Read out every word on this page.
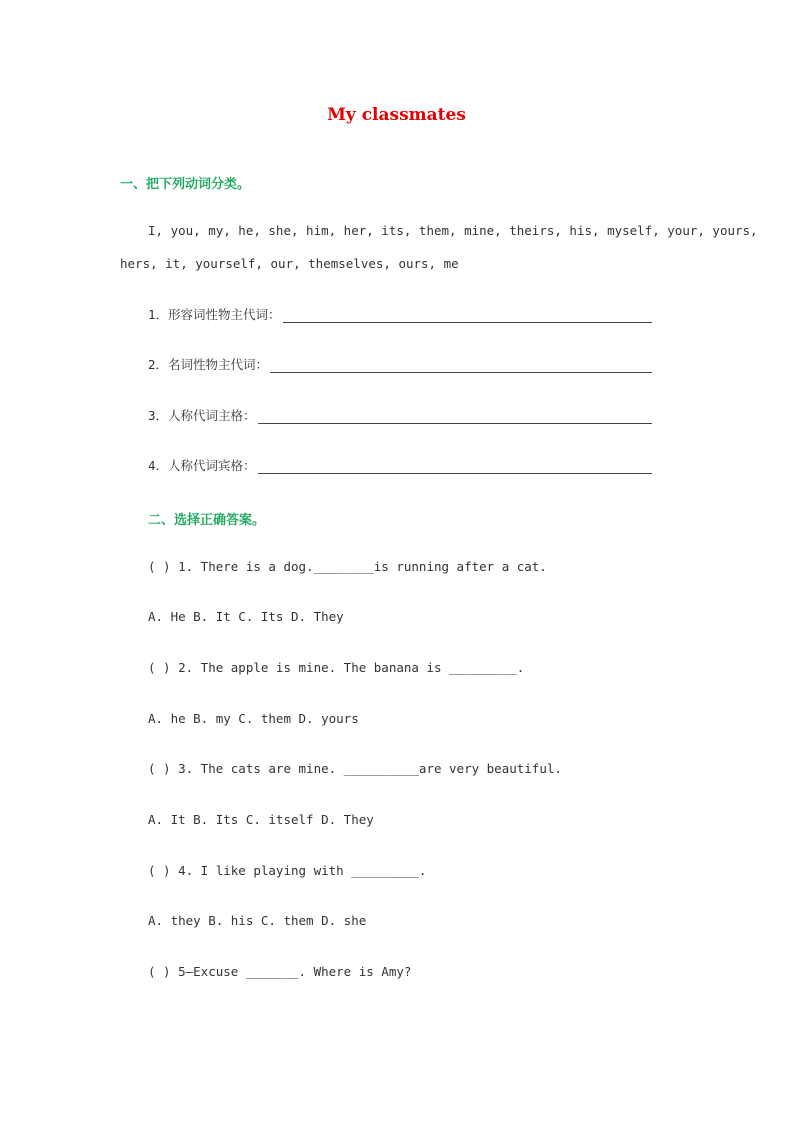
My classmates
一、把下列动词分类。
I, you, my, he, she, him, her, its, them, mine, theirs, his, myself, your, yours,
hers, it, yourself, our, themselves, ours, me
1．形容词性物主代词：
2．名词性物主代词：
3．人称代词主格：
4．人称代词宾格：
二、选择正确答案。
( ) 1. There is a dog.________is running after a cat.
A. He B. It C. Its D. They
( ) 2. The apple is mine. The banana is _________.
A. he B. my C. them D. yours
( ) 3. The cats are mine. __________are very beautiful.
A. It B. Its C. itself D. They
( ) 4. I like playing with _________.
A. they B. his C. them D. she
( ) 5—Excuse _______. Where is Amy?
